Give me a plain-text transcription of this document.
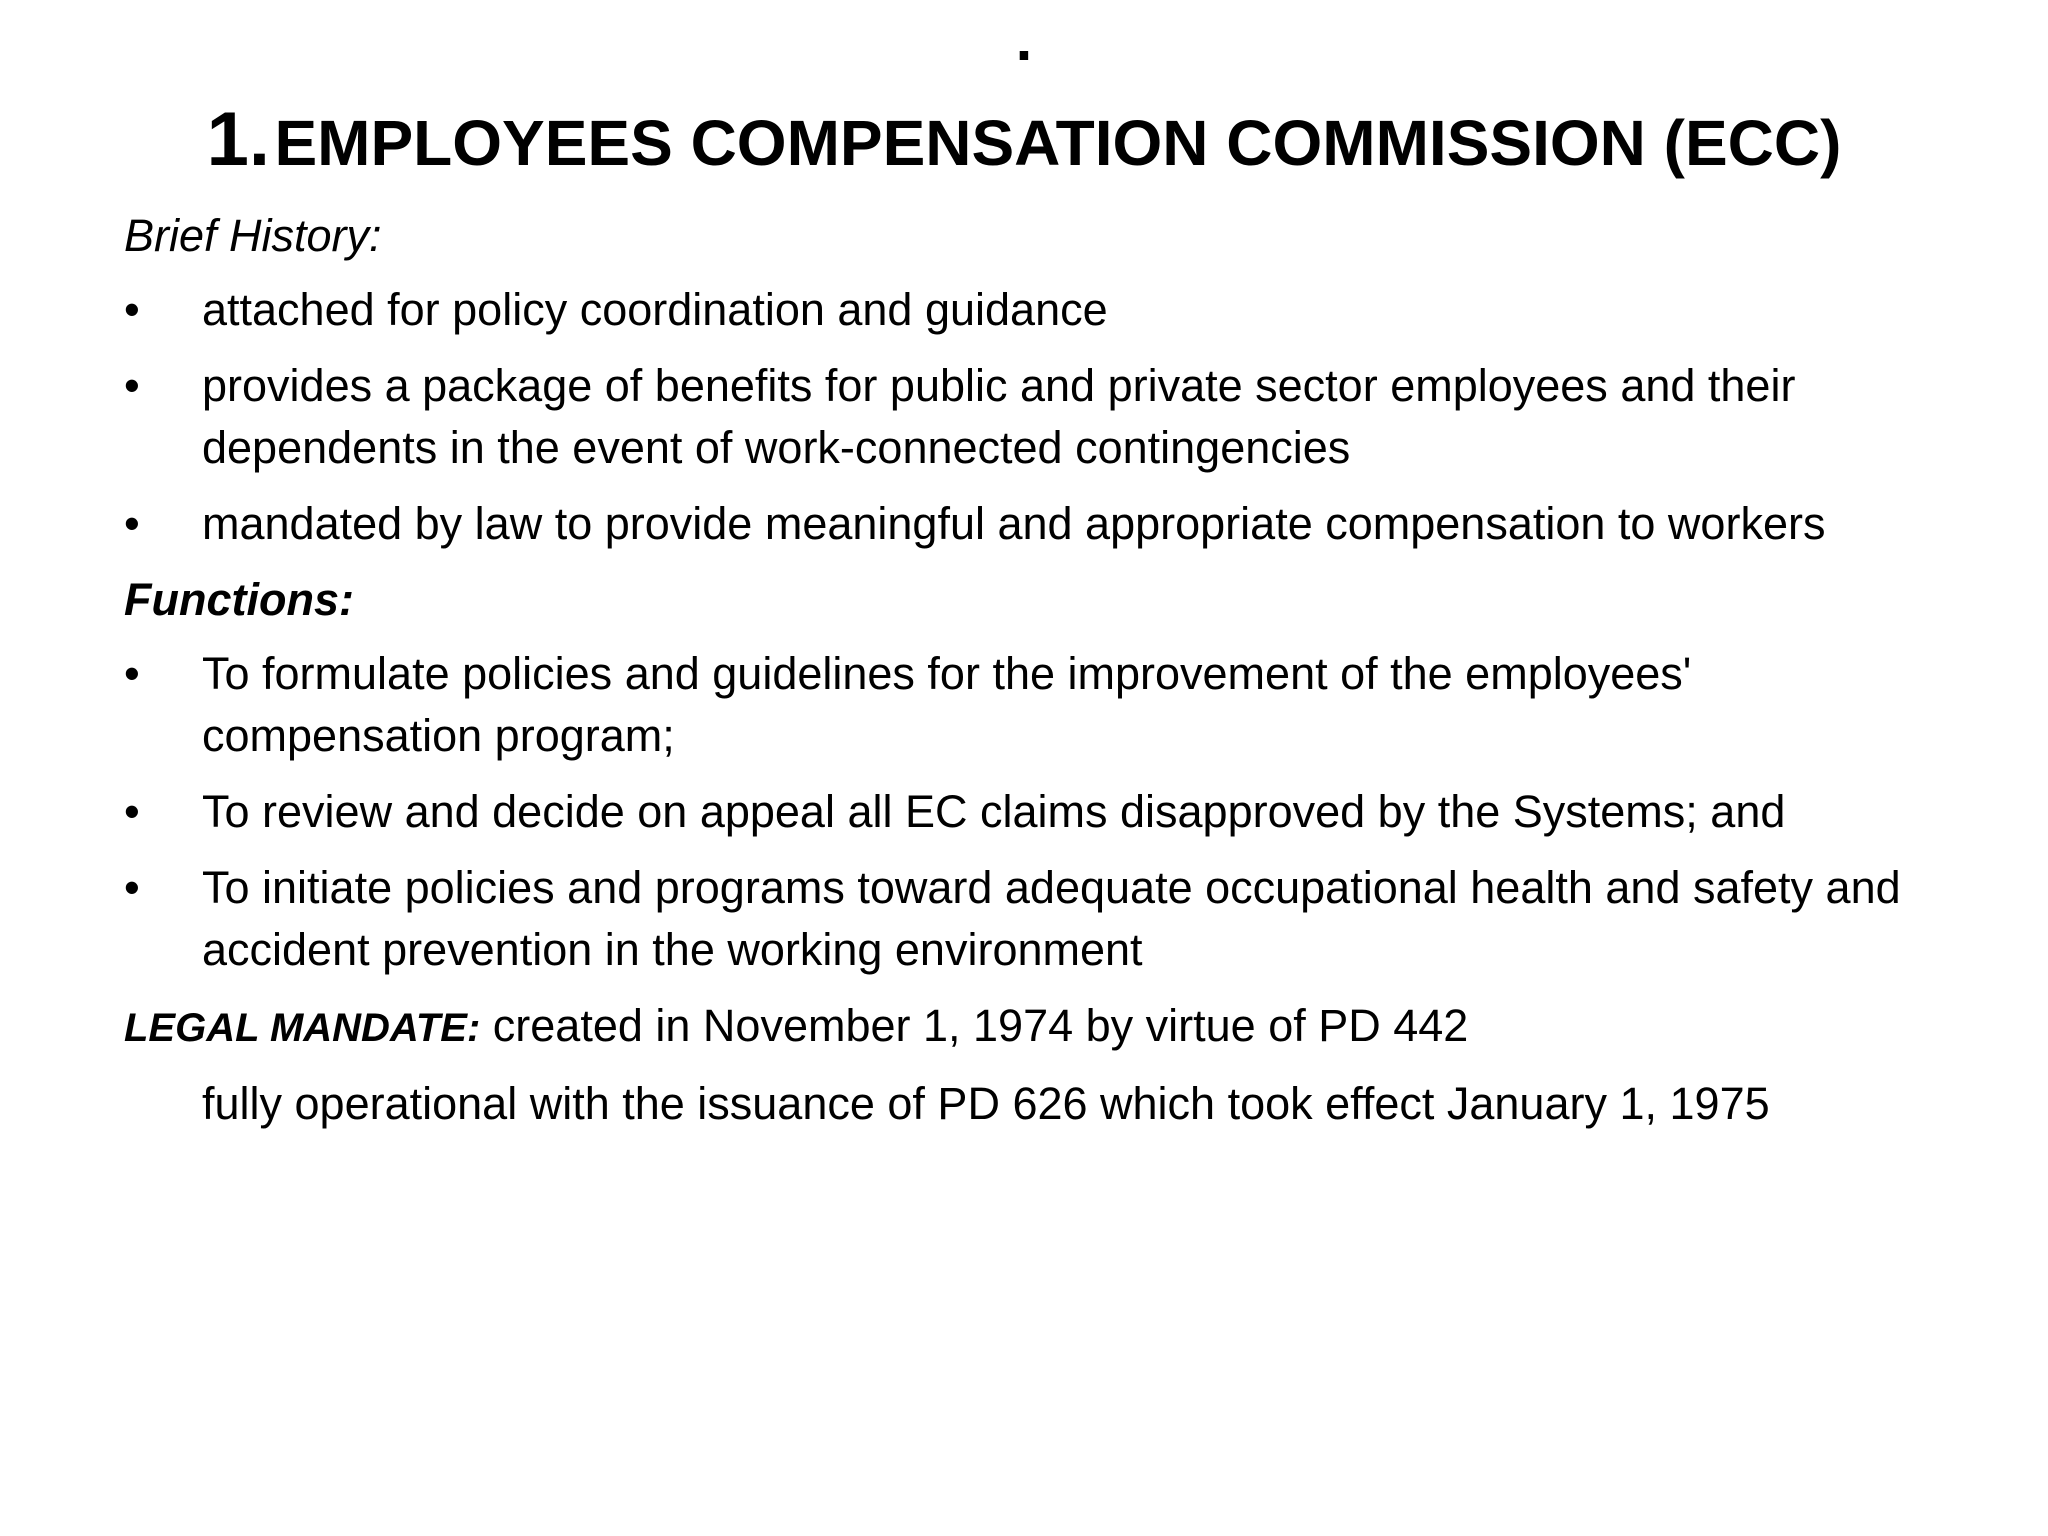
.
1. EMPLOYEES COMPENSATION COMMISSION (ECC)
Brief History:
•	attached for policy coordination and guidance
•	provides a package of benefits for public and private sector employees and their dependents in the event of work-connected contingencies
•	mandated by law to provide meaningful and appropriate compensation to workers
Functions:
•	To formulate policies and guidelines for the improvement of the employees' compensation program;
•	To review and decide on appeal all EC claims disapproved by the Systems; and
•	To initiate policies and programs toward adequate occupational health and safety and accident prevention in the working environment
LEGAL MANDATE: created in November 1, 1974 by virtue of PD 442
fully operational with the issuance of PD 626 which took effect January 1, 1975
